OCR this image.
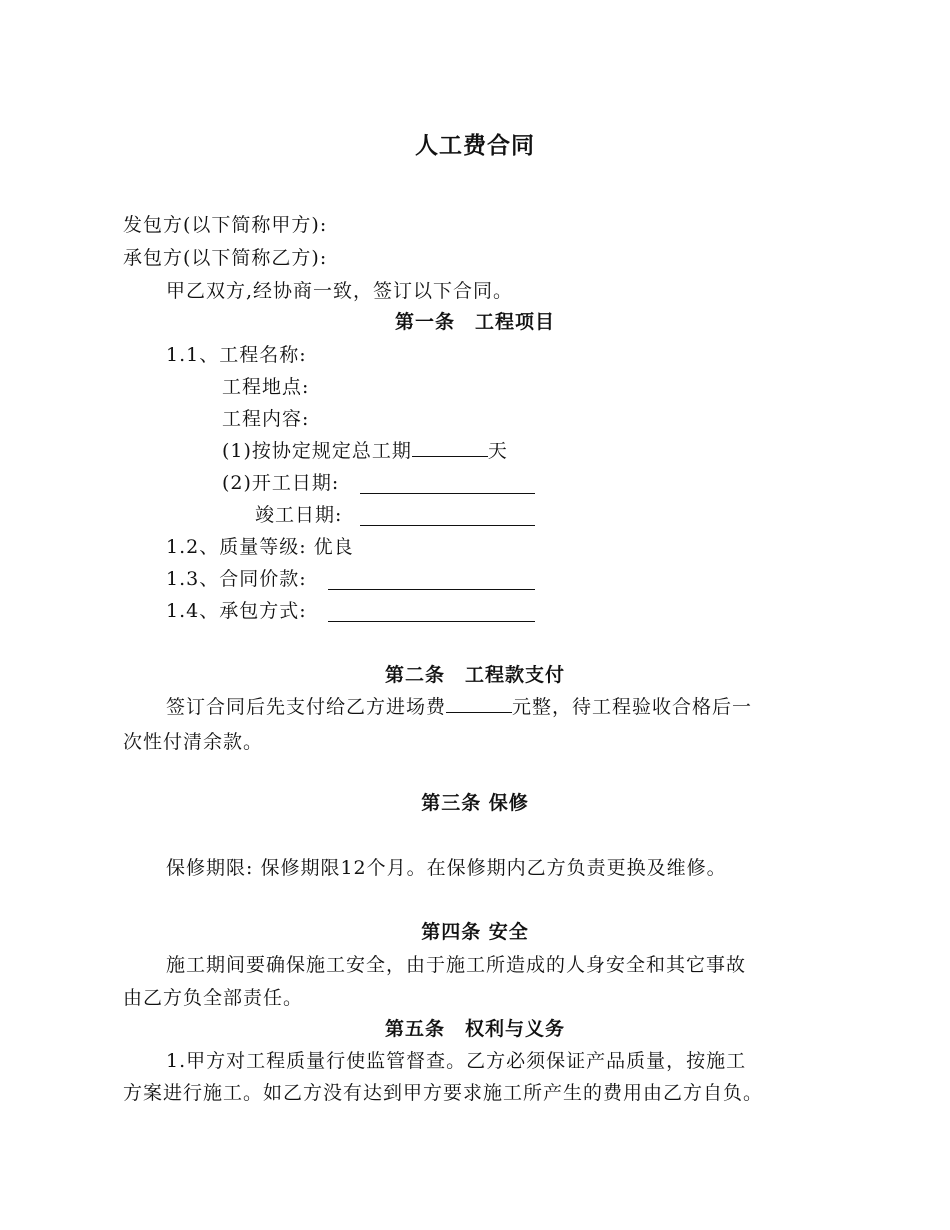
人工费合同
发包方(以下简称甲方):
承包方(以下简称乙方):
甲乙双方,经协商一致，签订以下合同。
第一条　工程项目
1.1、工程名称:
工程地点:
工程内容:
(1)按协定规定总工期	天
(2)开工日期:
竣工日期:
1.2、质量等级: 优良
1.3、合同价款:
1.4、承包方式:
第二条　工程款支付
签订合同后先支付给乙方进场费	元整，待工程验收合格后一
次性付清余款。
第三条 保修
保修期限: 保修期限12个月。在保修期内乙方负责更换及维修。
第四条 安全
施工期间要确保施工安全，由于施工所造成的人身安全和其它事故
由乙方负全部责任。
第五条　权利与义务
1.甲方对工程质量行使监管督查。乙方必须保证产品质量，按施工
方案进行施工。如乙方没有达到甲方要求施工所产生的费用由乙方自负。
